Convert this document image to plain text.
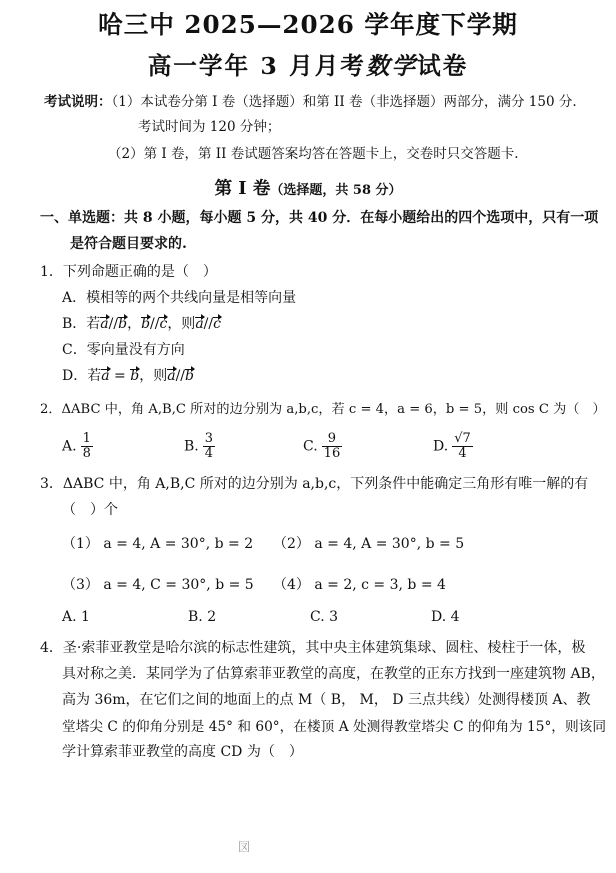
哈三中 2025—2026 学年度下学期
高一学年 3 月月考数学试卷
考试说明：（1）本试卷分第 I 卷（选择题）和第 II 卷（非选择题）两部分，满分 150 分.
考试时间为 120 分钟；
（2）第 I 卷，第 II 卷试题答案均答在答题卡上，交卷时只交答题卡.
第 I 卷（选择题，共 58 分）
一、单选题：共 8 小题，每小题 5 分，共 40 分．在每小题给出的四个选项中，只有一项
是符合题目要求的.
1．下列命题正确的是（　）
A．模相等的两个共线向量是相等向量
B．若a//b，b//c，则a//c
C．零向量没有方向
D．若a = b，则a//b
2．ΔABC 中，角 A,B,C 所对的边分别为 a,b,c，若 c = 4，a = 6，b = 5，则 cos C 为（　）
A. $\frac{1}{8}$	B. $\frac{3}{4}$	C. $\frac{9}{16}$	D. $\frac{√7}{4}$
3．ΔABC 中，角 A,B,C 所对的边分别为 a,b,c，下列条件中能确定三角形有唯一解的有
（　）个
（1） a = 4, A = 30°, b = 2 （2） a = 4, A = 30°, b = 5
（3） a = 4, C = 30°, b = 5 （4） a = 2, c = 3, b = 4
A. 1	B. 2	C. 3	D. 4
4．圣·索菲亚教堂是哈尔滨的标志性建筑，其中央主体建筑集球、圆柱、棱柱于一体，极
具对称之美．某同学为了估算索菲亚教堂的高度，在教堂的正东方找到一座建筑物 AB，
高为 36m，在它们之间的地面上的点 M（ B， M， D 三点共线）处测得楼顶 A、教
堂塔尖 C 的仰角分别是 45° 和 60°，在楼顶 A 处测得教堂塔尖 C 的仰角为 15°，则该同
学计算索菲亚教堂的高度 CD 为（　）
㘝
